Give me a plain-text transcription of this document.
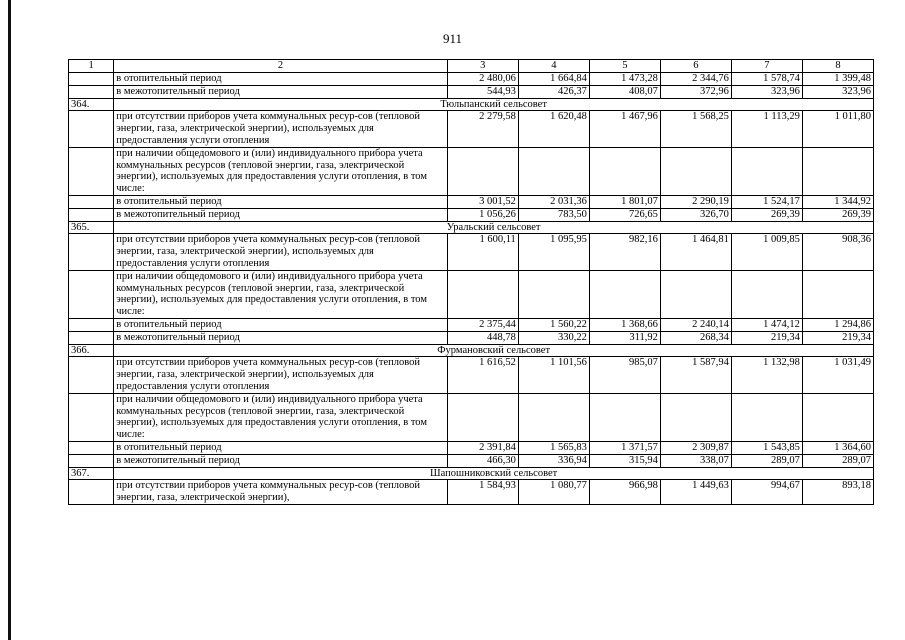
911
1	2	3	4	5	6	7	8
	в отопительный период	2 480,06	1 664,84	1 473,28	2 344,76	1 578,74	1 399,48
	в межотопительный период	544,93	426,37	408,07	372,96	323,96	323,96
364.	Тюльпанский сельсовет						
	при отсутствии приборов учета коммунальных ресур-сов (тепловой энергии, газа, электрической энергии), используемых для предоставления услуги отопления	2 279,58	1 620,48	1 467,96	1 568,25	1 113,29	1 011,80
	при наличии общедомового и (или) индивидуального прибора учета коммунальных ресурсов (тепловой энергии, газа, электрической энергии), используемых для предоставления услуги отопления, в том числе:						
	в отопительный период	3 001,52	2 031,36	1 801,07	2 290,19	1 524,17	1 344,92
	в межотопительный период	1 056,26	783,50	726,65	326,70	269,39	269,39
365.	Уральский сельсовет						
	при отсутствии приборов учета коммунальных ресур-сов (тепловой энергии, газа, электрической энергии), используемых для предоставления услуги отопления	1 600,11	1 095,95	982,16	1 464,81	1 009,85	908,36
	при наличии общедомового и (или) индивидуального прибора учета коммунальных ресурсов (тепловой энергии, газа, электрической энергии), используемых для предоставления услуги отопления, в том числе:						
	в отопительный период	2 375,44	1 560,22	1 368,66	2 240,14	1 474,12	1 294,86
	в межотопительный период	448,78	330,22	311,92	268,34	219,34	219,34
366.	Фурмановский сельсовет						
	при отсутствии приборов учета коммунальных ресур-сов (тепловой энергии, газа, электрической энергии), используемых для предоставления услуги отопления	1 616,52	1 101,56	985,07	1 587,94	1 132,98	1 031,49
	при наличии общедомового и (или) индивидуального прибора учета коммунальных ресурсов (тепловой энергии, газа, электрической энергии), используемых для предоставления услуги отопления, в том числе:						
	в отопительный период	2 391,84	1 565,83	1 371,57	2 309,87	1 543,85	1 364,60
	в межотопительный период	466,30	336,94	315,94	338,07	289,07	289,07
367.	Шапошниковский сельсовет						
	при отсутствии приборов учета коммунальных ресур-сов (тепловой энергии, газа, электрической энергии),	1 584,93	1 080,77	966,98	1 449,63	994,67	893,18
